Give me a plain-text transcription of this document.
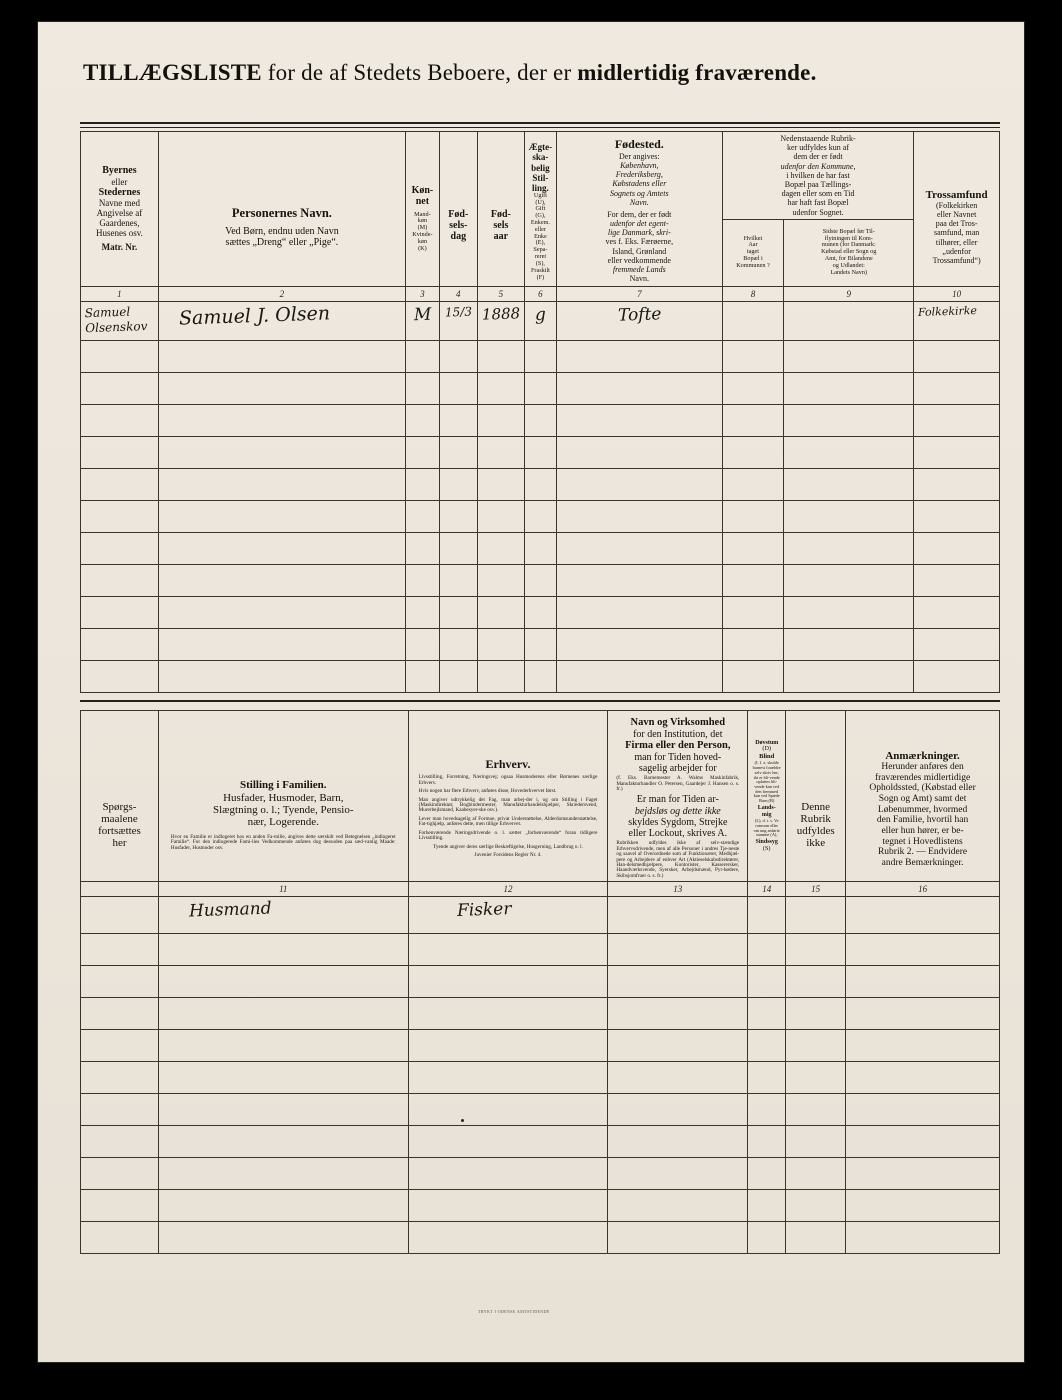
TILLÆGSLISTE for de af Stedets Beboere, der er midlertidig fraværende.
Byernes
eller
Stedernes
Navne med
Angivelse af
Gaardenes,
Husenes osv.
Matr. Nr.

Personernes Navn.
Ved Børn, endnu uden Navn
sættes „Dreng“ eller „Pige“.

Køn-
net
Mand-
køn
(M)
Kvinde-
køn
(K)

Fød-
sels-
dag

Fød-
sels
aar

Ægte-
ska-
belig
Stil-
ling.
Ugift
(U),
Gift
(G),
Enkem.
eller
Enke
(E),
Sepa-
reret
(S),
Fraskilt
(F)

Fødested.
Der angives:
København,
Frederiksberg,
Købstadens eller
Sognets og Amtets
Navn.
For dem, der er født
udenfor det egent-
lige Danmark, skri-
ves f. Eks. Færøerne,
Island, Grønland
eller vedkommende
fremmede Lands
Navn.

Nedenstaaende Rubrik-
ker udfyldes kun af
dem der er født
udenfor den Kommune,
i hvilken de har fast
Bopæl paa Tællings-
dagen eller som en Tid
har haft fast Bopæl
udenfor Sognet.

Trossamfund
(Folkekirken
eller Navnet
paa det Tros-
samfund, man
tilhører, eller
„udenfor
Trossamfund“)

Hvilket
Aar
taget
Bopæl i
Kommunen ?

Sidste Bopæl før Til-
flytningen til Kom-
munen (for Danmark:
Købstad eller Sogn og
Amt, for Bilandene
og Udlandet:
Landets Navn)

1	2	3	4	5	6	7	8	9	10

Samuel
Olsenskov	Samuel J. Olsen	M	15/3	1888	g	Tofte			Folkekirke

Spørgs-
maalene
fortsættes
her

Stilling i Familien.
Husfader, Husmoder, Barn,
Slægtning o. l.; Tyende, Pensio-
nær, Logerende.
Hvor en Familie er indlogeret hos en anden Fa-milie, angives dette særskilt ved Betegnelsen „indlogeret Familie“. For den indlogerede Fami-lies Vedkommende anføres dog dessuden paa sæd-vanlig Maade: Husfader, Husmoder osv.

Erhverv.
Livsstilling, Forretning, Næringsvej; ogsaa Husmoderens eller Børnenes særlige Erhverv.
Hvis nogen har flere Erhverv, anføres disse, Hovederhvervet først.
Man angiver udtrykkelig det Fag, man arbej-der i, og om Stilling i Faget (Maskindirektør, Bogbindermester, Manufakturhandelshjælper, Skrædersvend, Murerbejlsmand, Kaabesyer-ske osv.).
Lever man hovedsagelig af Formue, privat Understøttelse, Alderdomsunderstøttelse, Fat-tighjælp, anføres dette, men tillige Erhvervet.
Forhenværende Næringsdrivende o. l. sætter „forhenværende“ foran tidligere Livsstilling.
Tyende angiver deres særlige Beskæftigelse, Husgerning, Landbrug o. l.
Juvenier Forsidens Regler Nr. 4.

Navn og Virksomhed
for den Institution, det
Firma eller den Person,
man for Tiden hoved-
sagelig arbejder for
(f. Eks. Barnemester A. Walms Maskinfabrik, Manufakturhandler O. Petersen, Gaardejer J. Hansen o. s. fr.)
Er man for Tiden ar-
bejdsløs og dette ikke
skyldes Sygdom, Strejke
eller Lockout, skrives A.
Rubrikken udfyldes ikke af selv-stændige Erhvervsdrivende, men af alle Personer i andres Tje-neste og saavel af Overordnede som af Funktionærer, Medhjæl-pere og Arbejdere af enhver Art (Aktieselskabsdirektører, Han-delsmedhjælpere, Kontorister, Kasserersker, Haandværksvende, Syersker, Arbejdsmænd, Pyr-bødere, Skibsjomfruer o. s. fr.)

Døvstum
(D)
Blind
(I. f. x. skulde barnest forældre selv skriv her, thi er bli-vende opfattes bli-vende kan ved den fremmed kan ved Spæde Barn (B)
Lands-
mig
(L), d. t. s. Ve ramsom eller om ung anførte stamme (A),
Sindssyg
(S)

Denne
Rubrik
udfyldes
ikke

Anmærkninger.
Herunder anføres den
fraværendes midlertidige
Opholdssted, (Købstad eller
Sogn og Amt) samt det
Løbenummer, hvormed
den Familie, hvortil han
eller hun hører, er be-
tegnet i Hovedlistens
Rubrik 2. — Endvidere
andre Bemærkninger.

	11	12	13	14	15	16
	Husmand	Fisker				

TRYKT I ODENSE AMTSTIDENDE
